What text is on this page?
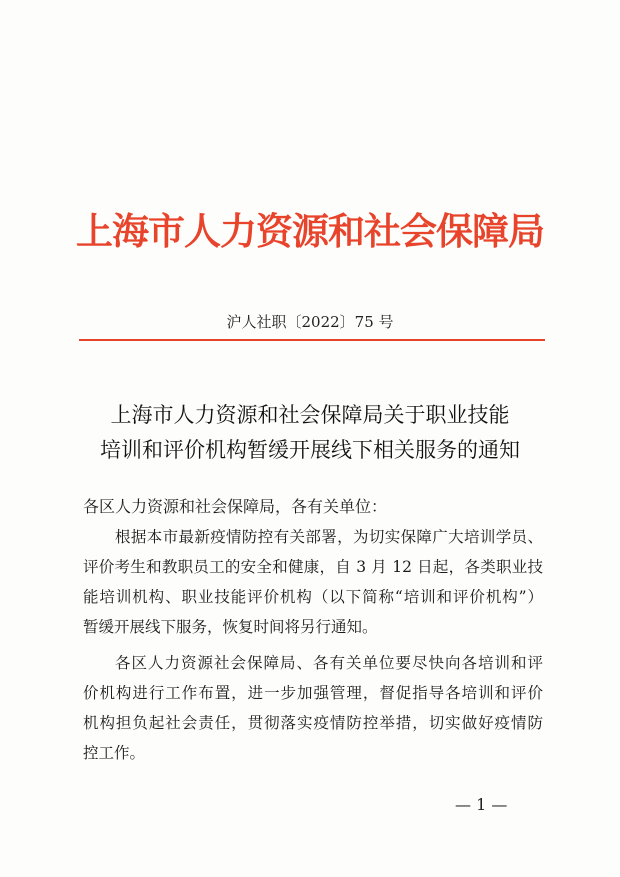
上海市人力资源和社会保障局
沪人社职〔2022〕75 号
上海市人力资源和社会保障局关于职业技能
培训和评价机构暂缓开展线下相关服务的通知
各区人力资源和社会保障局，各有关单位：
根据本市最新疫情防控有关部署，为切实保障广大培训学员、
评价考生和教职员工的安全和健康，自 3 月 12 日起，各类职业技
能培训机构、职业技能评价机构（以下简称“培训和评价机构”）
暂缓开展线下服务，恢复时间将另行通知。
各区人力资源社会保障局、各有关单位要尽快向各培训和评
价机构进行工作布置，进一步加强管理，督促指导各培训和评价
机构担负起社会责任，贯彻落实疫情防控举措，切实做好疫情防
控工作。
— 1 —
